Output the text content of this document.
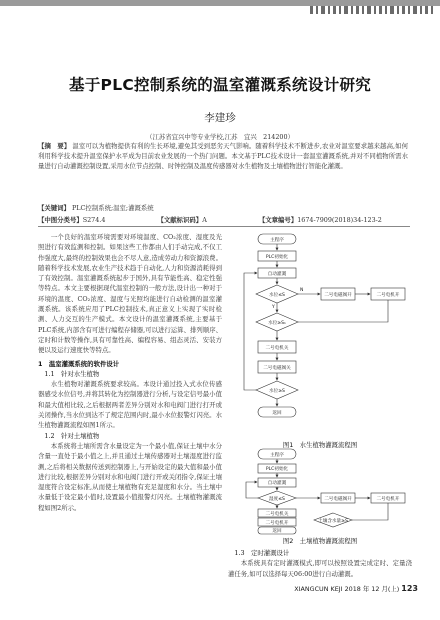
基于PLC控制系统的温室灌溉系统设计研究
李建珍
（江苏省宜兴中等专业学校,江苏　宜兴　214200）
【摘　要】 温室可以为植物提供有利的生长环境,避免其受到恶劣天气影响。随着科学技术不断进步,农业对温室要求越来越高,如何利用科学技术提升温室保护水平成为目前农业发展的一个热门问题。本文基于PLC技术设计一套温室灌溉系统,并对不同植物所需水量进行自动灌溉控制设置,采用水位节点控制、时钟控制及温度传感器对水生植物及土壤植物进行智能化灌溉。
【关键词】 PLC控制系统;温室;灌溉系统
【中图分类号】S274.4	【文献标识码】A	【文章编号】1674-7909(2018)34-123-2
一个良好的温室环境需要对环境温度、CO₂浓度、湿度及光照进行有效监测和控制。如果这些工作都由人们手动完成,不仅工作强度大,最终的控制效果也会不尽人意,造成劳动力和资源浪费。随着科学技术发展,农业生产技术趋于自动化,人力和资源消耗得到了有效控制。温室灌溉系统起步于国外,具有节能性高、稳定性强等特点。本文主要根据现代温室控制的一般方法,设计出一种对于环境的温度、CO₂浓度、湿度与光照均能进行自动检测的温室灌溉系统。该系统应用了PLC控制技术,真正意义上实现了实时检测、人力交互的生产模式。本文设计的温室灌溉系统,主要基于PLC系统,内部含有可进行编程存储器,可以进行运算、排列顺序、定时和计数等操作,具有可靠性高、编程容易、组态灵活、安装方便以及运行速度快等特点。
1　温室灌溉系统的软件设计
1.1　针对水生植物
水生植物对灌溉系统要求较高。本设计通过投入式水位传感器感受水位信号,并将其转化为控制器进行分析,与设定信号最小值和最大值相比较,之后根据两者差异分别对水和电阀门进行打开或关闭操作,当水位到达不了规定范围内时,最小水位报警灯闪亮。水生植物灌溉流程如图1所示。
1.2　针对土壤植物
本系统将土壤所需含水量设定为一个最小值,保证土壤中水分含量一直处于最小值之上,并且通过土壤传感器对土壤湿度进行监测,之后将相关数据传送到控制器上,与开始设定的最大值和最小值进行比较,根据差异分别对水和电阀门进行开或关闭指令,保证土壤湿度符合设定标准,从而使土壤植物有充足湿度和水分。当土壤中水量低于设定最小值时,设置最小值报警灯闪亮。土壤植物灌溉流程如图2所示。
主程序
PLC初始化
自动灌溉
水位≤S
Y
N
二号电磁阀开	二号电机开
水位≥S₁
二号电机关
二号电磁阀关
水位≥S
返回
图1　水生植物灌溉流程图
主程序
PLC初始化
自动灌溉
湿度≤S	二号电磁阀开	二号电机开
二号电机关
二号电机开	土壤含水量≥S
返回
图2　土壤植物灌溉流程图
1.3　定时灌溉设计
本系统具有定时灌溉模式,即可以按照设置完成定时、定量浇灌任务,如可以选择每天06:00进行自动灌溉。
XIANGCUN KEJI 2018 年 12 月(上) 123
